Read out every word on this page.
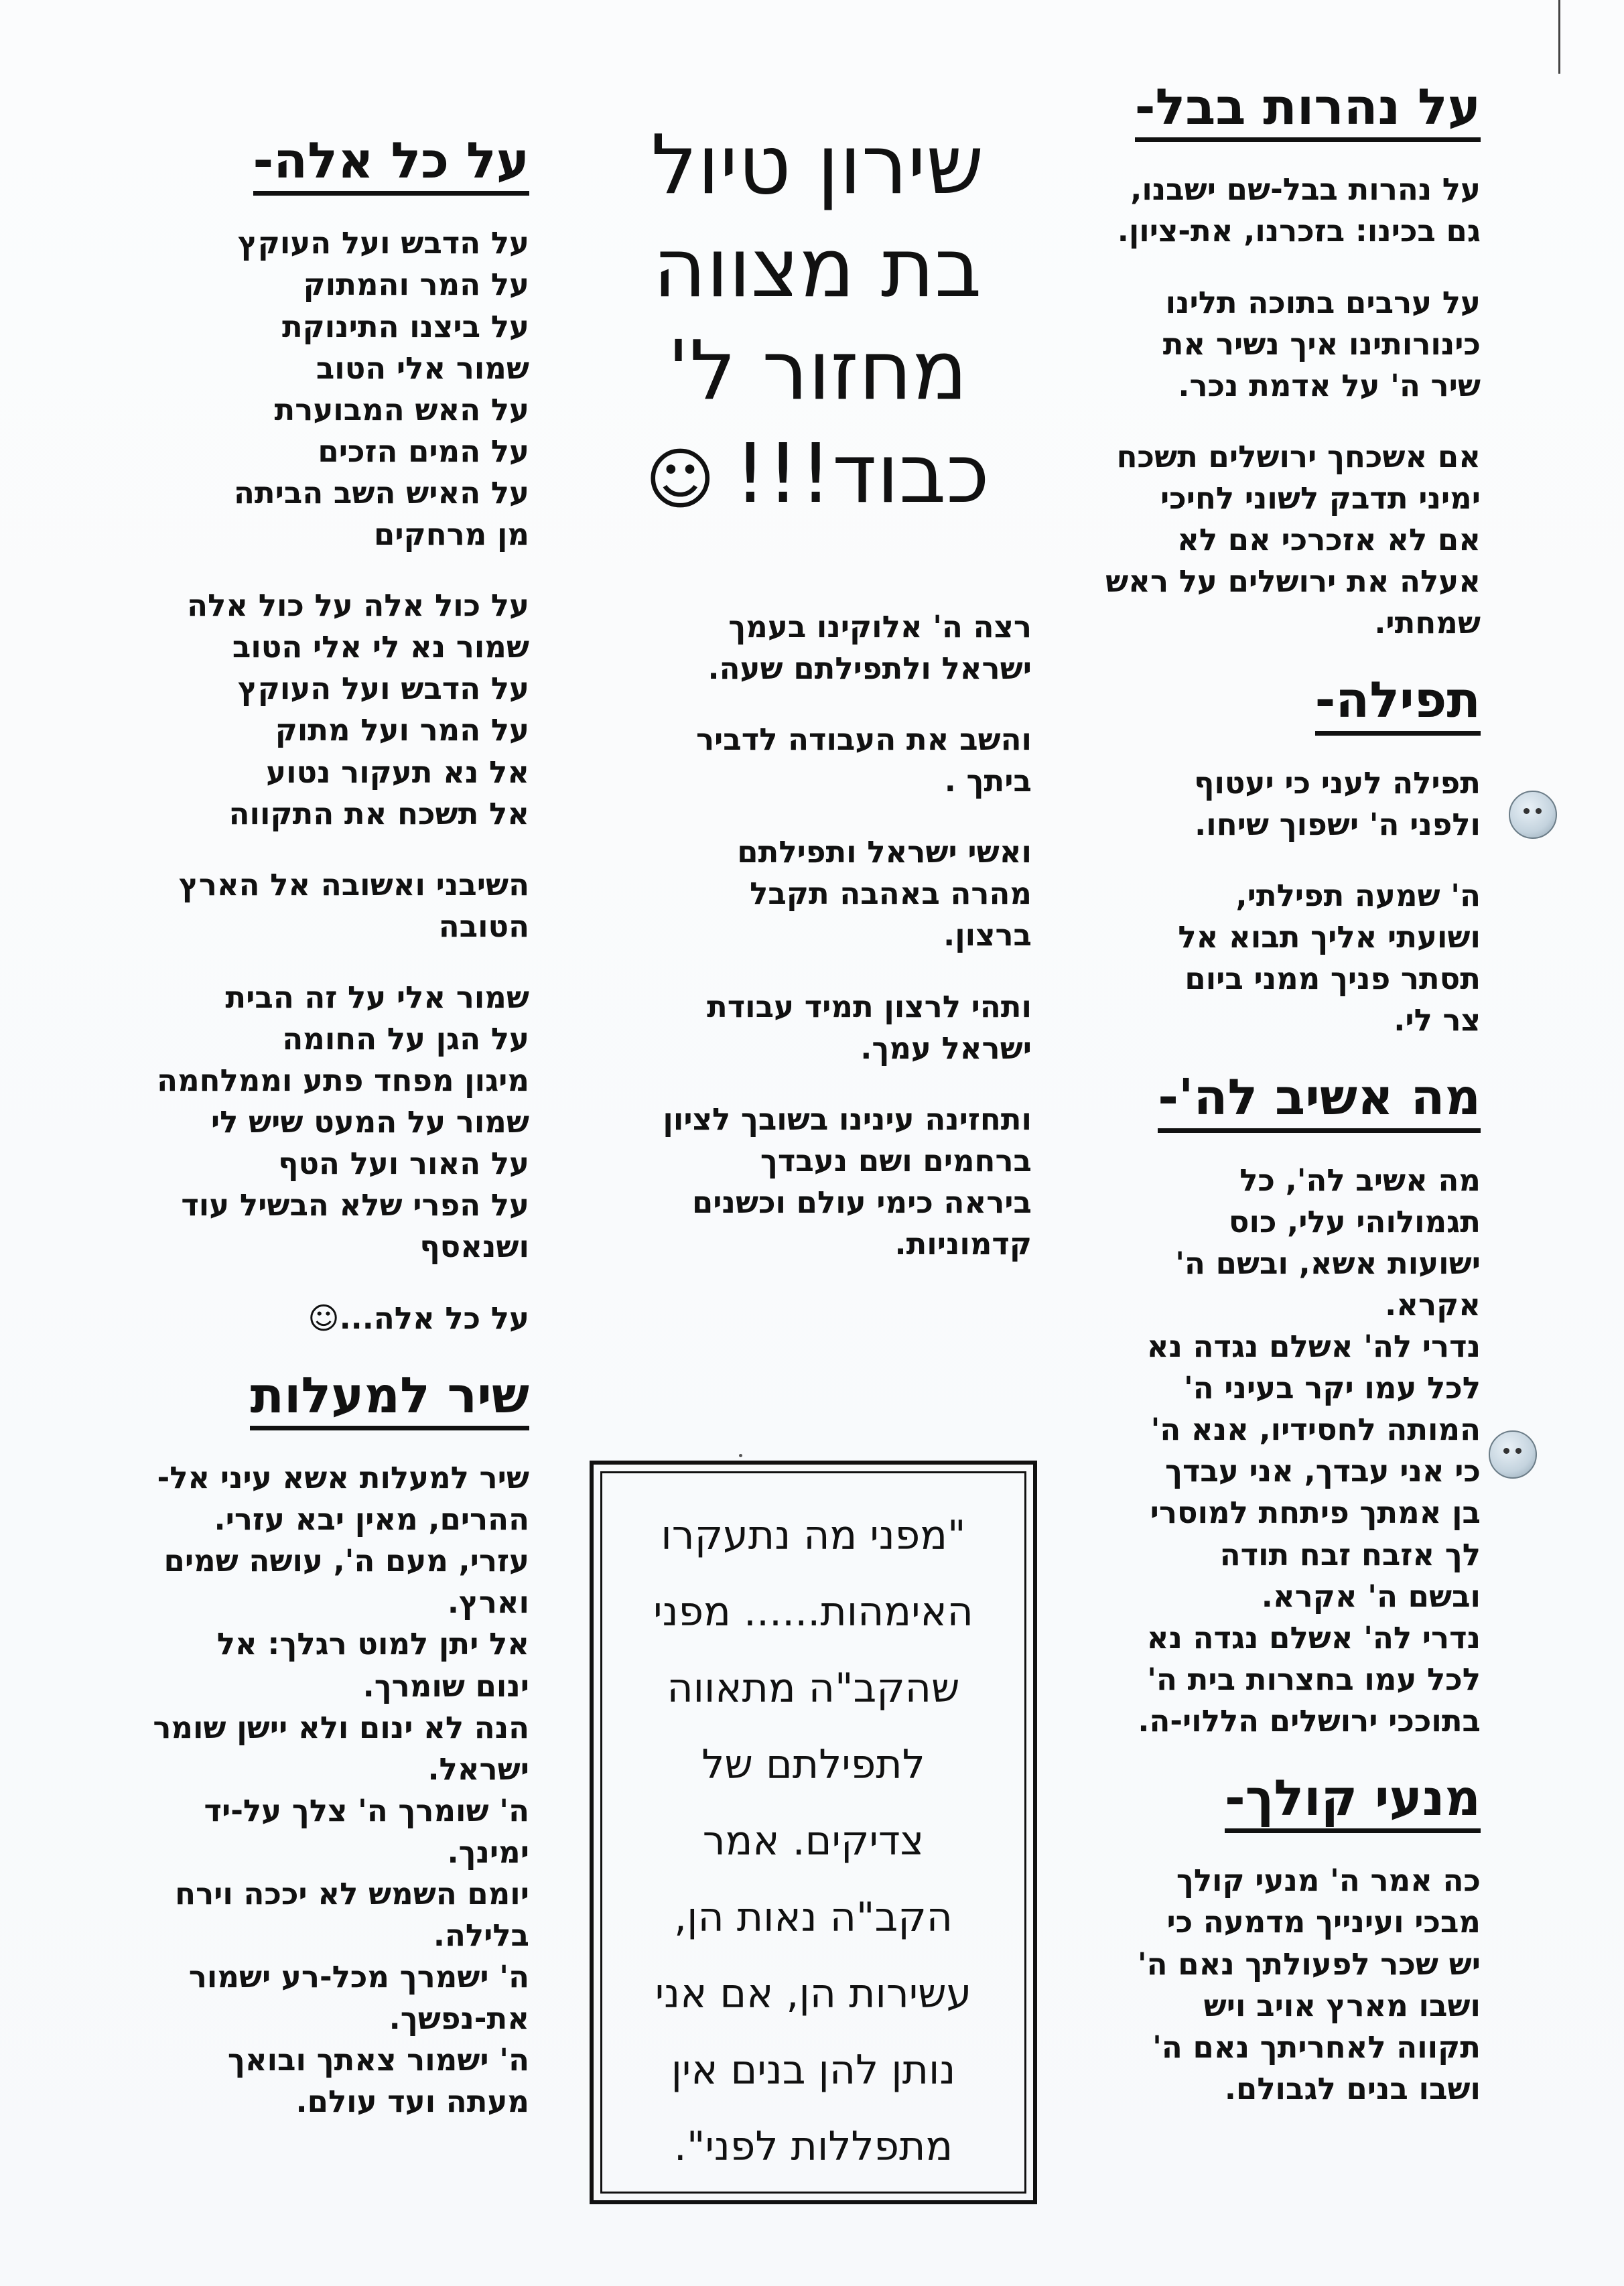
על נהרות בבל-
על נהרות בבל-שם ישבנו,
גם בכינו: בזכרנו, את-ציון.
על ערבים בתוכה תלינו
כינורותינו איך נשיר את
שיר ה' על אדמת נכר.
אם אשכחך ירושלים תשכח
ימיני תדבק לשוני לחיכי
אם לא אזכרכי אם לא
אעלה את ירושלים על ראש
שמחתי.
תפילה-
תפילה לעני כי יעטוף
ולפני ה' ישפוך שיחו.
ה' שמעה תפילתי,
ושועתי אליך תבוא אל
תסתר פניך ממני ביום
צר לי.
מה אשיב לה'-
מה אשיב לה', כל
תגמולוהי עלי, כוס
ישועות אשא, ובשם ה'
אקרא.
נדרי לה' אשלם נגדה נא
לכל עמו יקר בעיני ה'
המותה לחסידיו, אנא ה'
כי אני עבדך, אני עבדך
בן אמתך פיתחת למוסרי
לך אזבח זבח תודה
ובשם ה' אקרא.
נדרי לה' אשלם נגדה נא
לכל עמו בחצרות בית ה'
בתוככי ירושלים הללוי-ה.
מנעי קולך-
כה אמר ה' מנעי קולך
מבכי ועינייך מדמעה כי
יש שכר לפעולתך נאם ה'
ושבו מארץ אויב ויש
תקווה לאחריתך נאם ה'
ושבו בנים לגבולם.
שירון טיול
בת מצווה
מחזור ל'
כבוד!!!☺
רצה ה' אלוקינו בעמך
ישראל ולתפילתם שעה.
והשב את העבודה לדביר
ביתך .
ואשי ישראל ותפילתם
מהרה באהבה תקבל
ברצון.
ותהי לרצון תמיד עבודת
ישראל עמך.
ותחזינה עינינו בשובך לציון
ברחמים ושם נעבדך
ביראה כימי עולם וכשנים
קדמוניות.
"מפני מה נתעקרו
האימהות...... מפני
שהקב"ה מתאווה
לתפילתם של
צדיקים. אמר
הקב"ה נאות הן,
עשירות הן, אם אני
נותן להן בנים אין
מתפללות לפני".
על כל אלה-
על הדבש ועל העוקץ
על המר והמתוק
על ביצנו התינוקת
שמור אלי הטוב
על האש המבוערת
על המים הזכים
על האיש השב הביתה
מן מרחקים
על כול אלה על כול אלה
שמור נא לי אלי הטוב
על הדבש ועל העוקץ
על המר ועל מתוק
אל נא תעקור נטוע
אל תשכח את התקווה
השיבני ואשובה אל הארץ
הטובה
שמור אלי על זה הבית
על הגן על החומה
מיגון מפחד פתע וממלחמה
שמור על המעט שיש לי
על האור ועל הטף
על הפרי שלא הבשיל עוד
ושנאסף
על כל אלה...☺
שיר למעלות
שיר למעלות אשא עיני אל-
ההרים, מאין יבא עזרי.
עזרי, מעם ה', עושה שמים
וארץ.
אל יתן למוט רגלך: אל
ינום שומרך.
הנה לא ינום ולא יישן שומר
ישראל.
ה' שומרך ה' צלך על-יד
ימינך.
יומם השמש לא יככה וירח
בלילה.
ה' ישמרך מכל-רע ישמור
את-נפשך.
ה' ישמור צאתך ובואך
מעתה ועד עולם.
